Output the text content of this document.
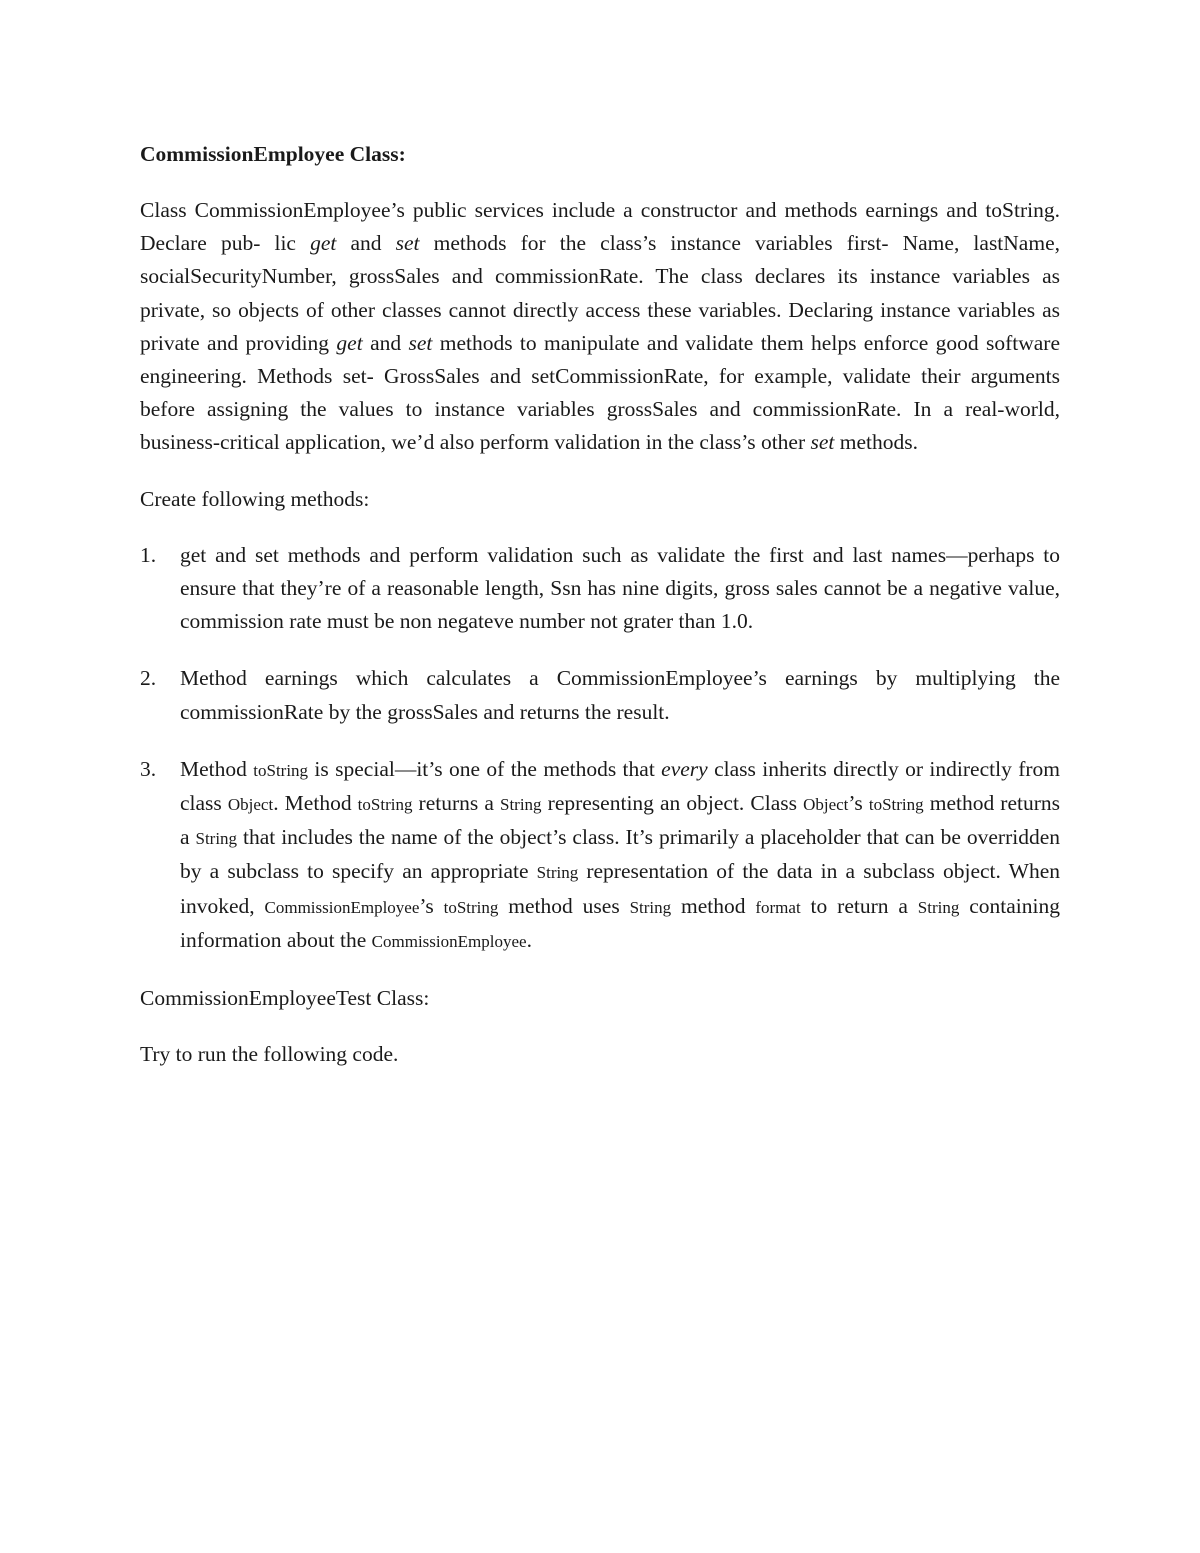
CommissionEmployee Class:

Class CommissionEmployee’s public services include a constructor and methods earnings and toString. Declare pub- lic get and set methods for the class’s instance variables first- Name, lastName, socialSecurityNumber, grossSales and commissionRate. The class declares its instance variables as private, so objects of other classes cannot directly access these variables. Declaring instance variables as private and providing get and set methods to manipulate and validate them helps enforce good software engineering. Methods set- GrossSales and setCommissionRate, for example, validate their arguments before assigning the values to instance variables grossSales and commissionRate. In a real-world, business-critical application, we’d also perform validation in the class’s other set methods.

Create following methods:

1. get and set methods and perform validation such as validate the first and last names—perhaps to ensure that they’re of a reasonable length, Ssn has nine digits, gross sales cannot be a negative value, commission rate must be non negateve number not grater than 1.0.
2. Method earnings which calculates a CommissionEmployee’s earnings by multiplying the commissionRate by the grossSales and returns the result.
3. Method toString is special—it’s one of the methods that every class inherits directly or indirectly from class Object. Method toString returns a String representing an object. Class Object’s toString method returns a String that includes the name of the object’s class. It’s primarily a placeholder that can be overridden by a subclass to specify an appropriate String representation of the data in a subclass object. When invoked, CommissionEmployee’s toString method uses String method format to return a String containing information about the CommissionEmployee.

CommissionEmployeeTest Class:

Try to run the following code.
